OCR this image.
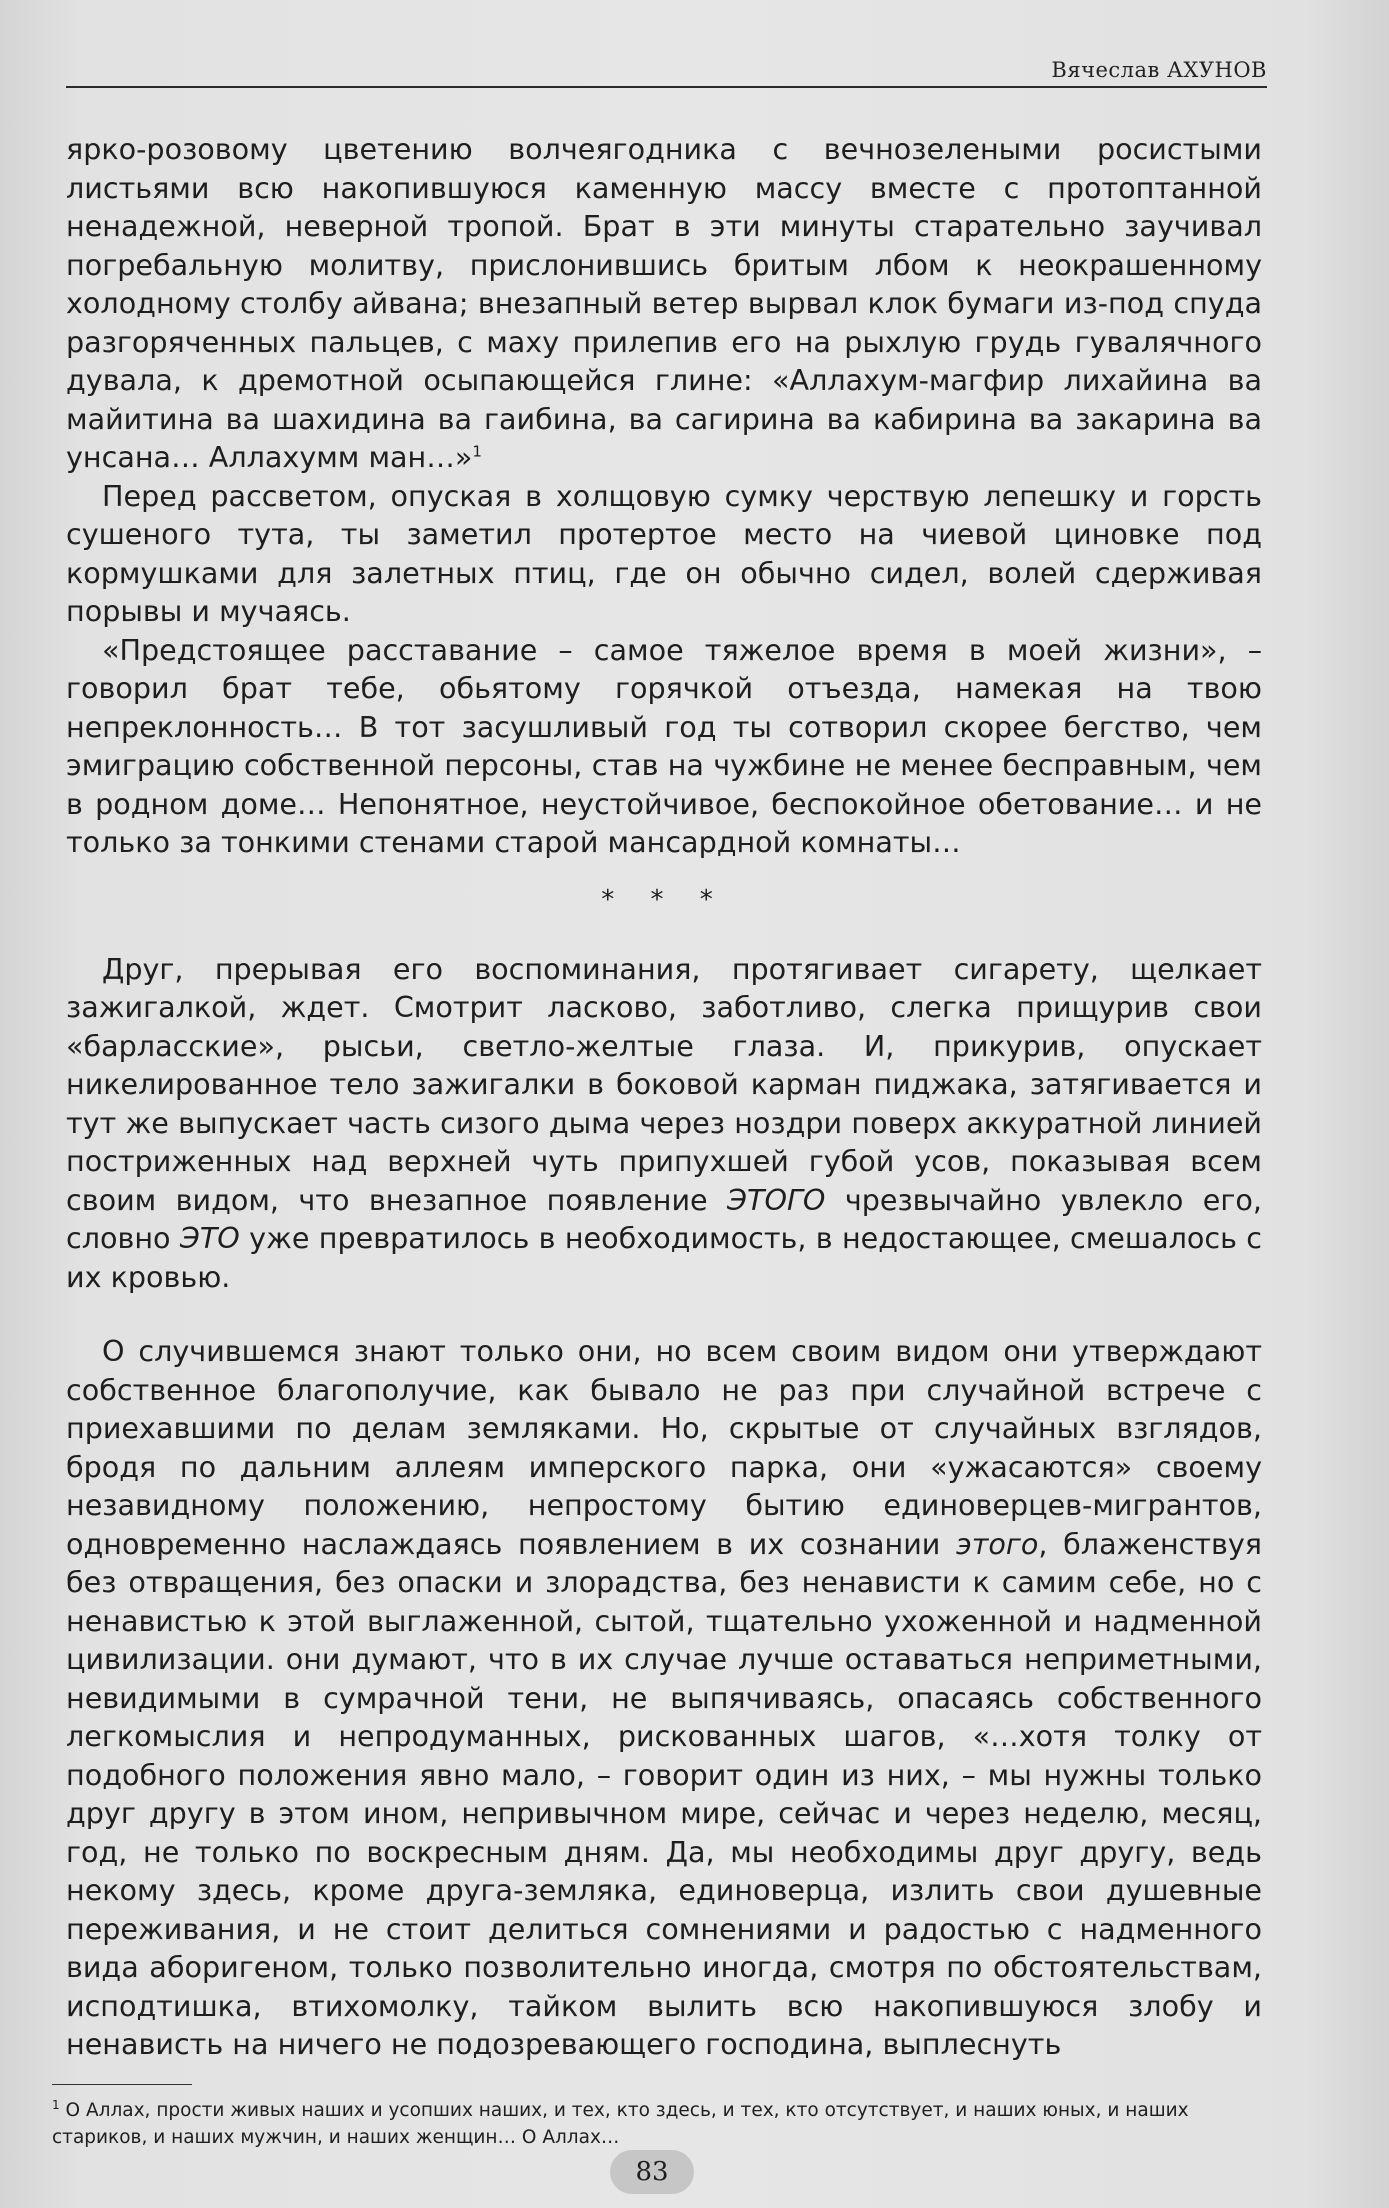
Вячеслав АХУНОВ

ярко-розовому цветению волчеягодника с вечнозелеными росистыми листьями всю накопившуюся каменную массу вместе с протоптанной ненадежной, неверной тропой. Брат в эти минуты старательно заучивал погребальную молитву, прислонившись бритым лбом к неокрашенному холодному столбу айвана; внезапный ветер вырвал клок бумаги из-под спуда разгоряченных пальцев, с маху прилепив его на рыхлую грудь гувалячного дувала, к дремотной осыпающейся глине: «Аллахум-магфир лихайина ва майитина ва шахидина ва гаибина, ва сагирина ва кабирина ва закарина ва унсана… Аллахумм ман…»$^1$

Перед рассветом, опуская в холщовую сумку черствую лепешку и горсть сушеного тута, ты заметил протертое место на чиевой циновке под кормушками для залетных птиц, где он обычно сидел, волей сдерживая порывы и мучаясь.

«Предстоящее расставание – самое тяжелое время в моей жизни», – говорил брат тебе, обьятому горячкой отъезда, намекая на твою непреклонность… В тот засушливый год ты сотворил скорее бегство, чем эмиграцию собственной персоны, став на чужбине не менее бесправным, чем в родном доме… Непонятное, неустойчивое, беспокойное обетование… и не только за тонкими стенами старой мансардной комнаты…

* * *

Друг, прерывая его воспоминания, протягивает сигарету, щелкает зажигалкой, ждет. Смотрит ласково, заботливо, слегка прищурив свои «барласские», рысьи, светло-желтые глаза. И, прикурив, опускает никелированное тело зажигалки в боковой карман пиджака, затягивается и тут же выпускает часть сизого дыма через ноздри поверх аккуратной линией постриженных над верхней чуть припухшей губой усов, показывая всем своим видом, что внезапное появление ЭТОГО чрезвычайно увлекло его, словно ЭТО уже превратилось в необходимость, в недостающее, смешалось с их кровью.

О случившемся знают только они, но всем своим видом они утверждают собственное благополучие, как бывало не раз при случайной встрече с приехавшими по делам земляками. Но, скрытые от случайных взглядов, бродя по дальним аллеям имперского парка, они «ужасаются» своему незавидному положению, непростому бытию единоверцев-мигрантов, одновременно наслаждаясь появлением в их сознании этого, блаженствуя без отвращения, без опаски и злорадства, без ненависти к самим себе, но с ненавистью к этой выглаженной, сытой, тщательно ухоженной и надменной цивилизации. они думают, что в их случае лучше оставаться неприметными, невидимыми в сумрачной тени, не выпячиваясь, опасаясь собственного легкомыслия и непродуманных, рискованных шагов, «…хотя толку от подобного положения явно мало, – говорит один из них, – мы нужны только друг другу в этом ином, непривычном мире, сейчас и через неделю, месяц, год, не только по воскресным дням. Да, мы необходимы друг другу, ведь некому здесь, кроме друга-земляка, единоверца, излить свои душевные переживания, и не стоит делиться сомнениями и радостью с надменного вида аборигеном, только позволительно иногда, смотря по обстоятельствам, исподтишка, втихомолку, тайком вылить всю накопившуюся злобу и ненависть на ничего не подозревающего господина, выплеснуть

$^1$ О Аллах, прости живых наших и усопших наших, и тех, кто здесь, и тех, кто отсутствует, и наших юных, и наших стариков, и наших мужчин, и наших женщин… О Аллах…
83
